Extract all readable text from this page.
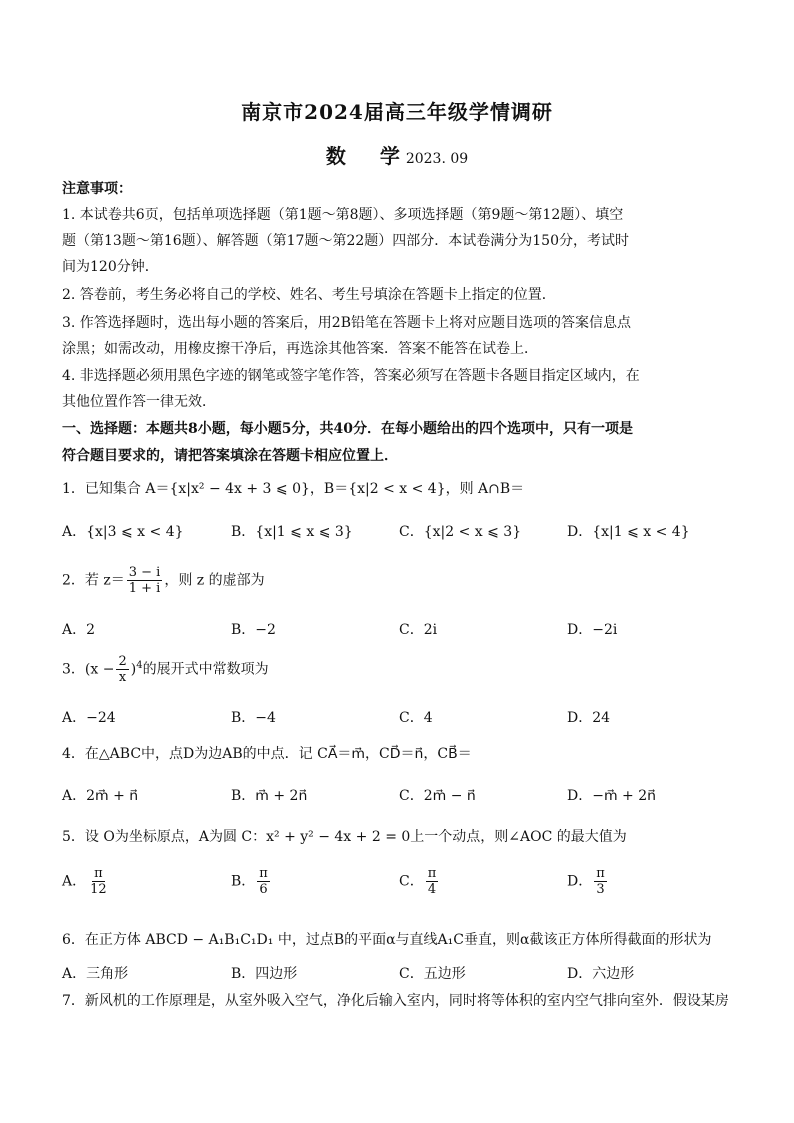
南京市2024届高三年级学情调研
数 学 2023. 09
注意事项：
1. 本试卷共6页，包括单项选择题（第1题～第8题）、多项选择题（第9题～第12题）、填空
题（第13题～第16题）、解答题（第17题～第22题）四部分．本试卷满分为150分，考试时
间为120分钟．
2. 答卷前，考生务必将自己的学校、姓名、考生号填涂在答题卡上指定的位置．
3. 作答选择题时，选出每小题的答案后，用2B铅笔在答题卡上将对应题目选项的答案信息点
涂黑；如需改动，用橡皮擦干净后，再选涂其他答案．答案不能答在试卷上．
4. 非选择题必须用黑色字迹的钢笔或签字笔作答，答案必须写在答题卡各题目指定区域内，在
其他位置作答一律无效．
一、选择题：本题共8小题，每小题5分，共40分．在每小题给出的四个选项中，只有一项是
符合题目要求的，请把答案填涂在答题卡相应位置上．
1．已知集合 A＝{x|x² − 4x + 3 ⩽ 0}，B＝{x|2 < x < 4}，则 A∩B＝
A．{x|3 ⩽ x < 4}	B．{x|1 ⩽ x ⩽ 3}	C．{x|2 < x ⩽ 3}	D．{x|1 ⩽ x < 4}
2．若 $z= \frac{3 - i}{1 + i}$ ，则 z 的虚部为
A．2	B．−2	C．2i	D．−2i
3．$(x - \frac{2}{x} )^4$的展开式中常数项为
A．−24	B．−4	C．4	D．24
4．在△ABC中，点D为边AB的中点．记 CA⃗＝m⃗，CD⃗＝n⃗，CB⃗＝
A．2m⃗ + n⃗	B．m⃗ + 2n⃗	C．2m⃗ − n⃗	D．−m⃗ + 2n⃗
5．设 O为坐标原点，A为圆 C：x² + y² − 4x + 2 = 0上一个动点，则∠AOC 的最大值为
A． $\frac{\pi}{12}$	B． $\frac{\pi}{6}$	C． $\frac{\pi}{4}$	D． $\frac{\pi}{3}$
6．在正方体 ABCD − A₁B₁C₁D₁ 中，过点B的平面α与直线A₁C垂直，则α截该正方体所得截面的形状为
A．三角形	B．四边形	C．五边形	D．六边形
7．新风机的工作原理是，从室外吸入空气，净化后输入室内，同时将等体积的室内空气排向室外．假设某房
